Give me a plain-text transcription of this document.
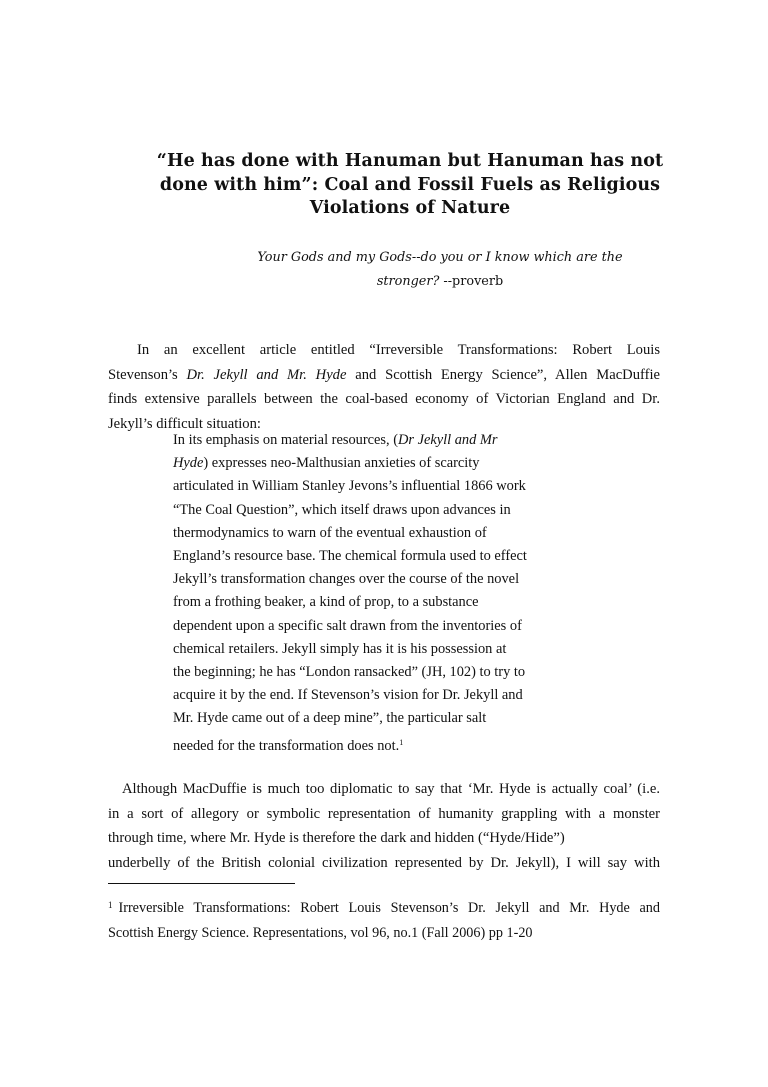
“He has done with Hanuman but Hanuman has not
done with him”: Coal and Fossil Fuels as Religious
Violations of Nature
Your Gods and my Gods--do you or I know which are the
stronger? --proverb
In an excellent article entitled “Irreversible Transformations: Robert Louis
Stevenson’s Dr. Jekyll and Mr. Hyde and Scottish Energy Science”, Allen MacDuffie
finds extensive parallels between the coal-based economy of Victorian England and Dr.
Jekyll’s difficult situation:
In its emphasis on material resources, (Dr Jekyll and Mr
Hyde) expresses neo-Malthusian anxieties of scarcity
articulated in William Stanley Jevons’s influential 1866 work
“The Coal Question”, which itself draws upon advances in
thermodynamics to warn of the eventual exhaustion of
England’s resource base. The chemical formula used to effect
Jekyll’s transformation changes over the course of the novel
from a frothing beaker, a kind of prop, to a substance
dependent upon a specific salt drawn from the inventories of
chemical retailers. Jekyll simply has it is his possession at
the beginning; he has “London ransacked” (JH, 102) to try to
acquire it by the end. If Stevenson’s vision for Dr. Jekyll and
Mr. Hyde came out of a deep mine”, the particular salt
needed for the transformation does not.$^1$
Although MacDuffie is much too diplomatic to say that ‘Mr. Hyde is actually coal’ (i.e.
in a sort of allegory or symbolic representation of humanity grappling with a monster
through time, where Mr. Hyde is therefore the dark and hidden (“Hyde/Hide”)
underbelly of the British colonial civilization represented by Dr. Jekyll), I will say with
$^1$ Irreversible Transformations: Robert Louis Stevenson’s Dr. Jekyll and Mr. Hyde and
Scottish Energy Science. Representations, vol 96, no.1 (Fall 2006) pp 1-20
